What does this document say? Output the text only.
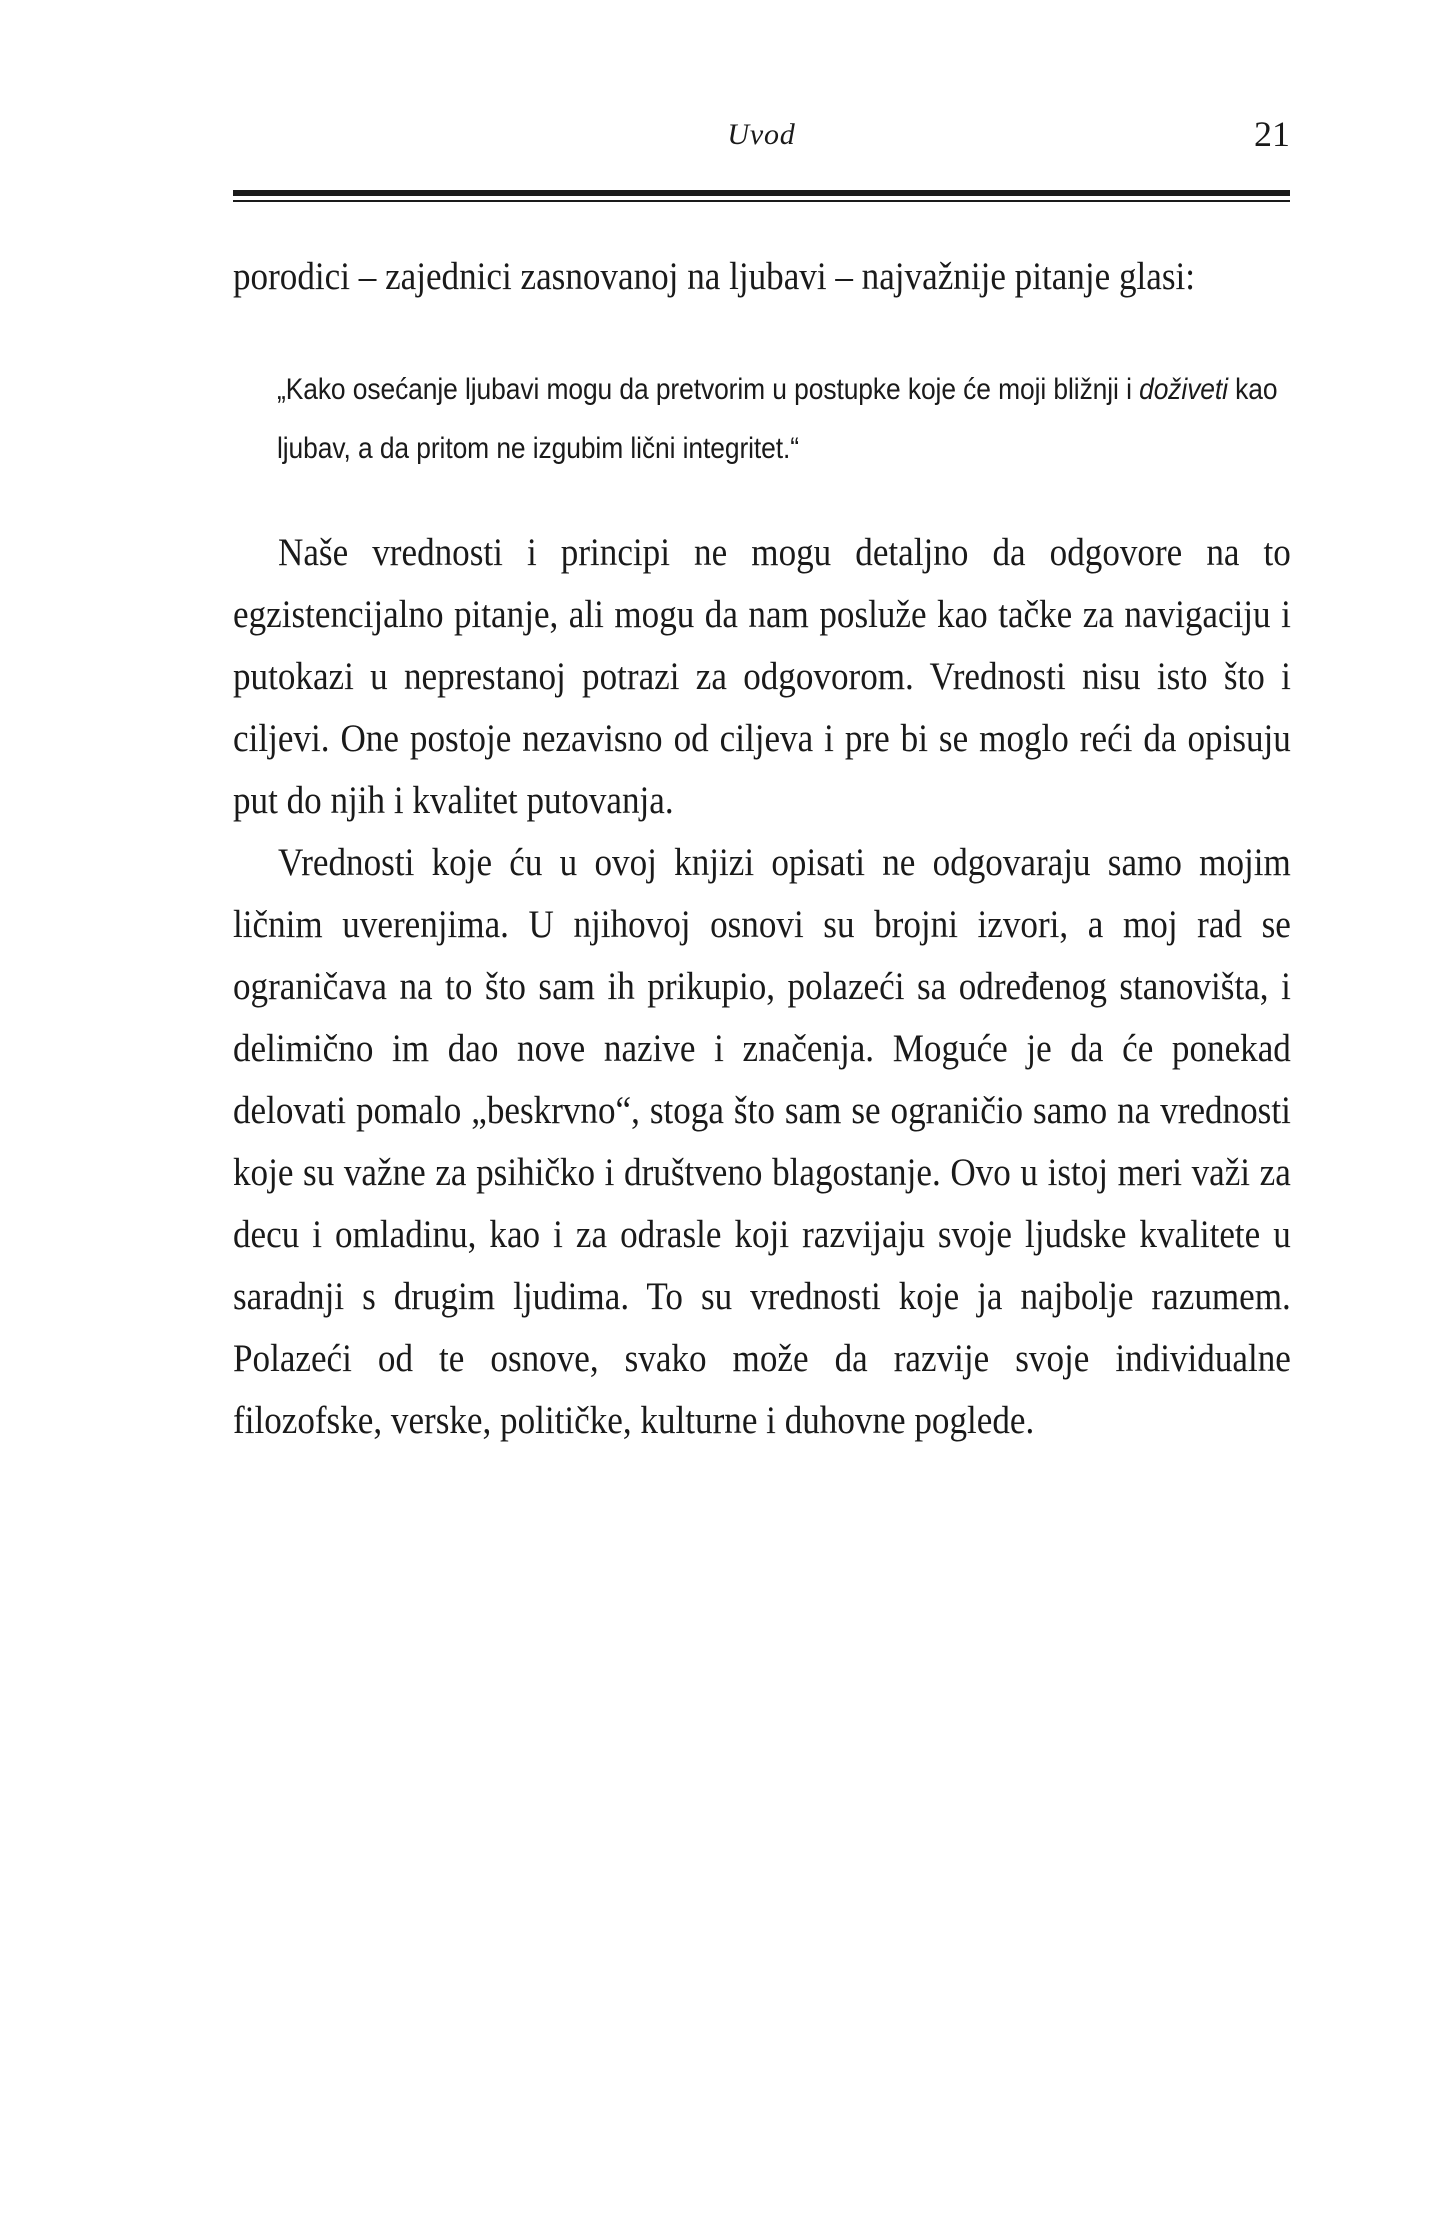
Uvod	21

porodici – zajednici zasnovanoj na ljubavi – najvažnije pitanje glasi:

„Kako osećanje ljubavi mogu da pretvorim u postupke koje će moji bližnji i doživeti kao ljubav, a da pritom ne izgubim lični integritet.“

Naše vrednosti i principi ne mogu detaljno da odgovore na to egzistencijalno pitanje, ali mogu da nam posluže kao tačke za navigaciju i putokazi u neprestanoj potrazi za odgovorom. Vrednosti nisu isto što i ciljevi. One postoje nezavisno od ciljeva i pre bi se moglo reći da opisuju put do njih i kvalitet putovanja.

Vrednosti koje ću u ovoj knjizi opisati ne odgovaraju samo mojim ličnim uverenjima. U njihovoj osnovi su brojni izvori, a moj rad se ograničava na to što sam ih prikupio, polazeći sa određenog stanovišta, i delimično im dao nove nazive i značenja. Moguće je da će ponekad delovati pomalo „beskrvno“, stoga što sam se ograničio samo na vrednosti koje su važne za psihičko i društveno blagostanje. Ovo u istoj meri važi za decu i omladinu, kao i za odrasle koji razvijaju svoje ljudske kvalitete u saradnji s drugim ljudima. To su vrednosti koje ja najbolje razumem. Polazeći od te osnove, svako može da razvije svoje individualne filozofske, verske, političke, kulturne i duhovne poglede.
